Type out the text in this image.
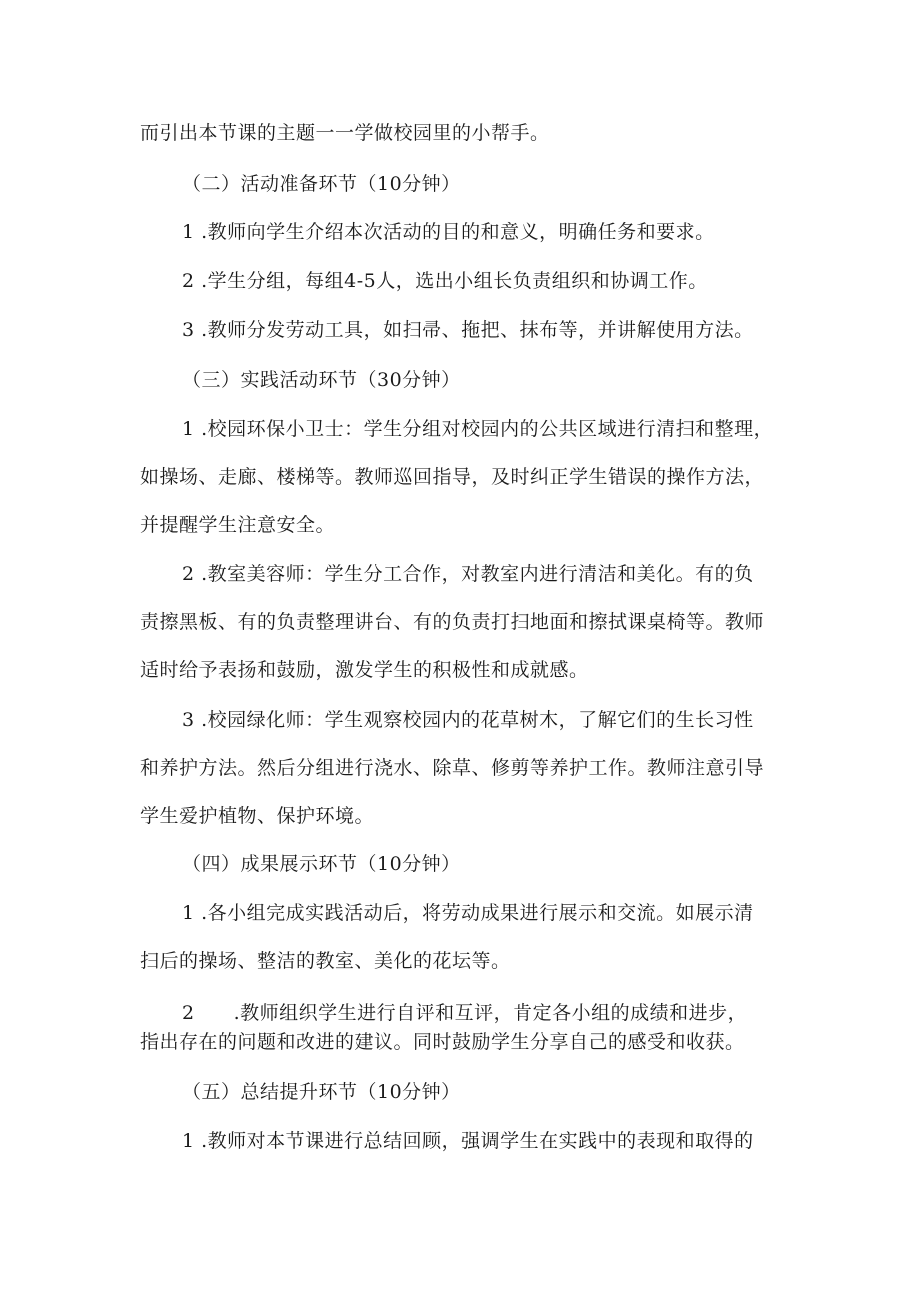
而引出本节课的主题一一学做校园里的小帮手。
（二）活动准备环节（10分钟）
1 .教师向学生介绍本次活动的目的和意义，明确任务和要求。
2 .学生分组，每组4-5人，选出小组长负责组织和协调工作。
3 .教师分发劳动工具，如扫帚、拖把、抹布等，并讲解使用方法。
（三）实践活动环节（30分钟）
1 .校园环保小卫士：学生分组对校园内的公共区域进行清扫和整理，
如操场、走廊、楼梯等。教师巡回指导，及时纠正学生错误的操作方法，
并提醒学生注意安全。
2 .教室美容师：学生分工合作，对教室内进行清洁和美化。有的负
责擦黑板、有的负责整理讲台、有的负责打扫地面和擦拭课桌椅等。教师
适时给予表扬和鼓励，激发学生的积极性和成就感。
3 .校园绿化师：学生观察校园内的花草树木，了解它们的生长习性
和养护方法。然后分组进行浇水、除草、修剪等养护工作。教师注意引导
学生爱护植物、保护环境。
（四）成果展示环节（10分钟）
1 .各小组完成实践活动后，将劳动成果进行展示和交流。如展示清
扫后的操场、整洁的教室、美化的花坛等。
2　　.教师组织学生进行自评和互评，肯定各小组的成绩和进步，
指出存在的问题和改进的建议。同时鼓励学生分享自己的感受和收获。
（五）总结提升环节（10分钟）
1 .教师对本节课进行总结回顾，强调学生在实践中的表现和取得的
